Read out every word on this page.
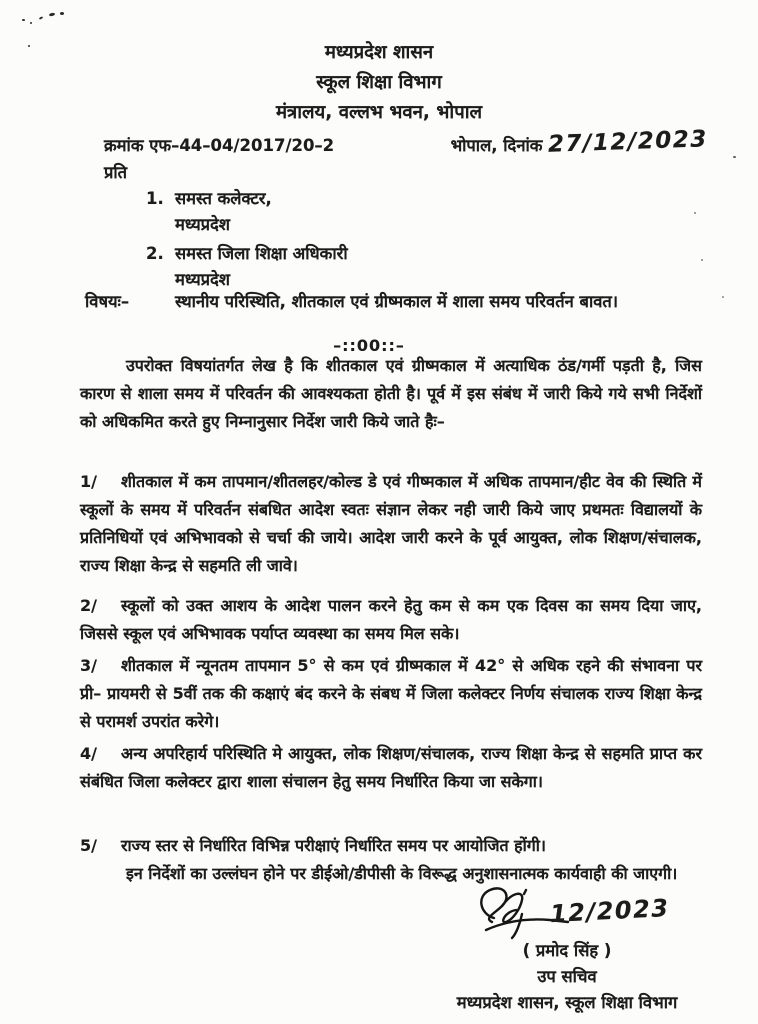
मध्यप्रदेश शासन
स्कूल शिक्षा विभाग
मंत्रालय, वल्लभ भवन, भोपाल
क्रमांक एफ–44–04/2017/20–2	भोपाल, दिनांक 27/12/2023
प्रति
1. समस्त कलेक्टर,
मध्यप्रदेश
2. समस्त जिला शिक्षा अधिकारी
मध्यप्रदेश
विषयः–	स्थानीय परिस्थिति, शीतकाल एवं ग्रीष्मकाल में शाला समय परिवर्तन बावत।
–::00::–

उपरोक्त विषयांतर्गत लेख है कि शीतकाल एवं ग्रीष्मकाल में अत्याधिक ठंड/गर्मी पड़ती है, जिस कारण से शाला समय में परिवर्तन की आवश्यकता होती है। पूर्व में इस संबंध में जारी किये गये सभी निर्देशों को अधिकमित करते हुए निम्नानुसार निर्देश जारी किये जाते हैः–

1/ शीतकाल में कम तापमान/शीतलहर/कोल्ड डे एवं गीष्मकाल में अधिक तापमान/हीट वेव की स्थिति में स्कूलों के समय में परिवर्तन संबधित आदेश स्वतः संज्ञान लेकर नही जारी किये जाए प्रथमतः विद्यालयों के प्रतिनिधियों एवं अभिभावको से चर्चा की जाये। आदेश जारी करने के पूर्व आयुक्त, लोक शिक्षण/संचालक, राज्य शिक्षा केन्द्र से सहमति ली जावे।

2/ स्कूलों को उक्त आशय के आदेश पालन करने हेतु कम से कम एक दिवस का समय दिया जाए, जिससे स्कूल एवं अभिभावक पर्याप्त व्यवस्था का समय मिल सके।

3/ शीतकाल में न्यूनतम तापमान 5° से कम एवं ग्रीष्मकाल में 42° से अधिक रहने की संभावना पर प्री– प्रायमरी से 5वीं तक की कक्षाएं बंद करने के संबध में जिला कलेक्टर निर्णय संचालक राज्य शिक्षा केन्द्र से परामर्श उपरांत करेगे।

4/ अन्य अपरिहार्य परिस्थिति मे आयुक्त, लोक शिक्षण/संचालक, राज्य शिक्षा केन्द्र से सहमति प्राप्त कर संबंधित जिला कलेक्टर द्वारा शाला संचालन हेतु समय निर्धारित किया जा सकेगा।

5/ राज्य स्तर से निर्धारित विभिन्न परीक्षाएं निर्धारित समय पर आयोजित होंगी।

इन निर्देशों का उल्लंघन होने पर डीईओ/डीपीसी के विरूद्ध अनुशासनात्मक कार्यवाही की जाएगी।

12/2023
( प्रमोद सिंह )
उप सचिव
मध्यप्रदेश शासन, स्कूल शिक्षा विभाग
